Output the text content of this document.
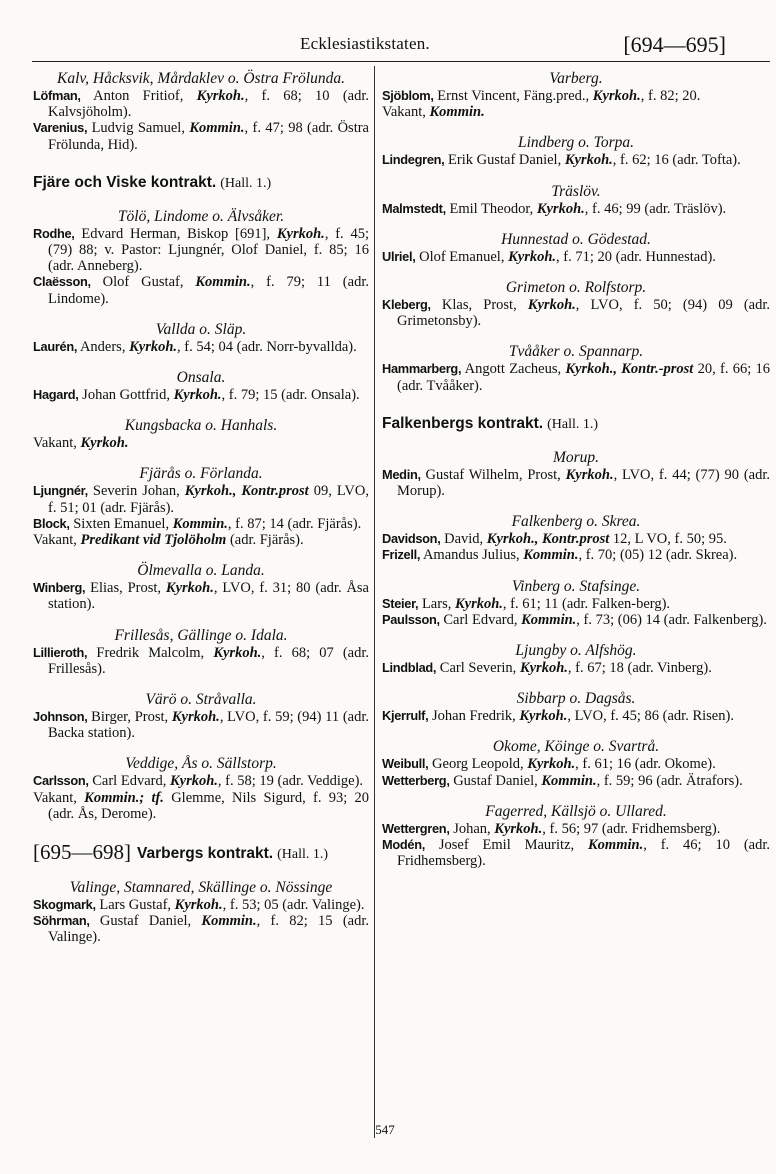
Ecklesiastikstaten.	[694—695]
Kalv, Håcksvik, Mårdaklev o. Östra Frölunda.
Löfman, Anton Fritiof, Kyrkoh., f. 68; 10 (adr. Kalvsjöholm).
Varenius, Ludvig Samuel, Kommin., f. 47; 98 (adr. Östra Frölunda, Hid).
Fjäre och Viske kontrakt. (Hall. 1.)
Tölö, Lindome o. Älvsåker.
Rodhe, Edvard Herman, Biskop [691], Kyrkoh., f. 45; (79) 88; v. Pastor: Ljungnér, Olof Daniel, f. 85; 16 (adr. Anneberg).
Claësson, Olof Gustaf, Kommin., f. 79; 11 (adr. Lindome).
Vallda o. Släp.
Laurén, Anders, Kyrkoh., f. 54; 04 (adr. Norr-byvallda).
Onsala.
Hagard, Johan Gottfrid, Kyrkoh., f. 79; 15 (adr. Onsala).
Kungsbacka o. Hanhals.
Vakant, Kyrkoh.
Fjärås o. Förlanda.
Ljungnér, Severin Johan, Kyrkoh., Kontr.prost 09, LVO, f. 51; 01 (adr. Fjärås).
Block, Sixten Emanuel, Kommin., f. 87; 14 (adr. Fjärås).
Vakant, Predikant vid Tjolöholm (adr. Fjärås).
Ölmevalla o. Landa.
Winberg, Elias, Prost, Kyrkoh., LVO, f. 31; 80 (adr. Åsa station).
Frillesås, Gällinge o. Idala.
Lillieroth, Fredrik Malcolm, Kyrkoh., f. 68; 07 (adr. Frillesås).
Värö o. Stråvalla.
Johnson, Birger, Prost, Kyrkoh., LVO, f. 59; (94) 11 (adr. Backa station).
Veddige, Ås o. Sällstorp.
Carlsson, Carl Edvard, Kyrkoh., f. 58; 19 (adr. Veddige).
Vakant, Kommin.; tf. Glemme, Nils Sigurd, f. 93; 20 (adr. Ås, Derome).
[695—698] Varbergs kontrakt. (Hall. 1.)
Valinge, Stamnared, Skällinge o. Nössinge
Skogmark, Lars Gustaf, Kyrkoh., f. 53; 05 (adr. Valinge).
Söhrman, Gustaf Daniel, Kommin., f. 82; 15 (adr. Valinge).
Varberg.
Sjöblom, Ernst Vincent, Fäng.pred., Kyrkoh., f. 82; 20.
Vakant, Kommin.
Lindberg o. Torpa.
Lindegren, Erik Gustaf Daniel, Kyrkoh., f. 62; 16 (adr. Tofta).
Träslöv.
Malmstedt, Emil Theodor, Kyrkoh., f. 46; 99 (adr. Träslöv).
Hunnestad o. Gödestad.
Ulriel, Olof Emanuel, Kyrkoh., f. 71; 20 (adr. Hunnestad).
Grimeton o. Rolfstorp.
Kleberg, Klas, Prost, Kyrkoh., LVO, f. 50; (94) 09 (adr. Grimetonsby).
Tvååker o. Spannarp.
Hammarberg, Angott Zacheus, Kyrkoh., Kontr.-prost 20, f. 66; 16 (adr. Tvååker).
Falkenbergs kontrakt. (Hall. 1.)
Morup.
Medin, Gustaf Wilhelm, Prost, Kyrkoh., LVO, f. 44; (77) 90 (adr. Morup).
Falkenberg o. Skrea.
Davidson, David, Kyrkoh., Kontr.prost 12, L VO, f. 50; 95.
Frizell, Amandus Julius, Kommin., f. 70; (05) 12 (adr. Skrea).
Vinberg o. Stafsinge.
Steier, Lars, Kyrkoh., f. 61; 11 (adr. Falken-berg).
Paulsson, Carl Edvard, Kommin., f. 73; (06) 14 (adr. Falkenberg).
Ljungby o. Alfshög.
Lindblad, Carl Severin, Kyrkoh., f. 67; 18 (adr. Vinberg).
Sibbarp o. Dagsås.
Kjerrulf, Johan Fredrik, Kyrkoh., LVO, f. 45; 86 (adr. Risen).
Okome, Köinge o. Svartrå.
Weibull, Georg Leopold, Kyrkoh., f. 61; 16 (adr. Okome).
Wetterberg, Gustaf Daniel, Kommin., f. 59; 96 (adr. Ätrafors).
Fagerred, Källsjö o. Ullared.
Wettergren, Johan, Kyrkoh., f. 56; 97 (adr. Fridhemsberg).
Modén, Josef Emil Mauritz, Kommin., f. 46; 10 (adr. Fridhemsberg).
547
